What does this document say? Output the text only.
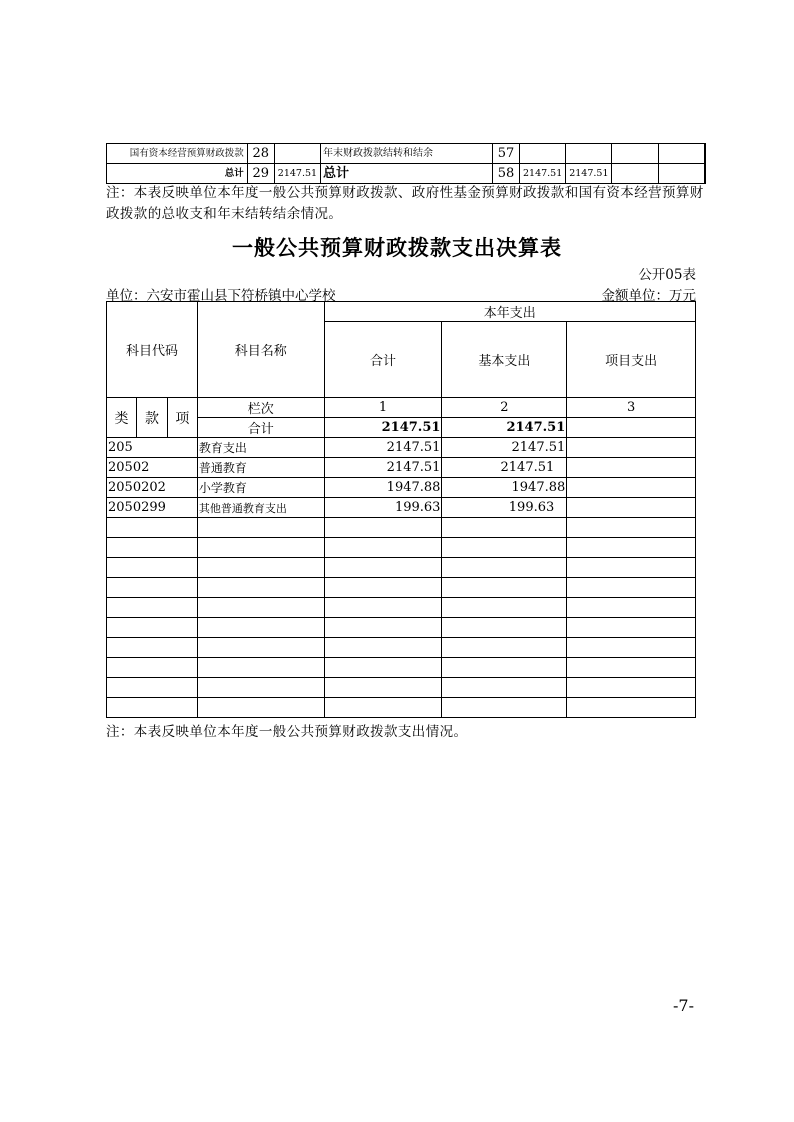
国有资本经营预算财政拨款	28		年末财政拨款结转和结余	57				
总计	29	2147.51	总计	58	2147.51	2147.51		
注：本表反映单位本年度一般公共预算财政拨款、政府性基金预算财政拨款和国有资本经营预算财政拨款的总收支和年末结转结余情况。
一般公共预算财政拨款支出决算表
公开05表
单位：六安市霍山县下符桥镇中心学校	金额单位：万元
科目代码			科目名称	本年支出		
				合计	基本支出	项目支出
类	款	项	栏次	1	2	3
			合计	2147.51	2147.51	
205			教育支出	2147.51	2147.51	
20502			普通教育	2147.51	2147.51	
2050202			小学教育	1947.88	1947.88	
2050299			其他普通教育支出	199.63	199.63	

注：本表反映单位本年度一般公共预算财政拨款支出情况。
-7-
